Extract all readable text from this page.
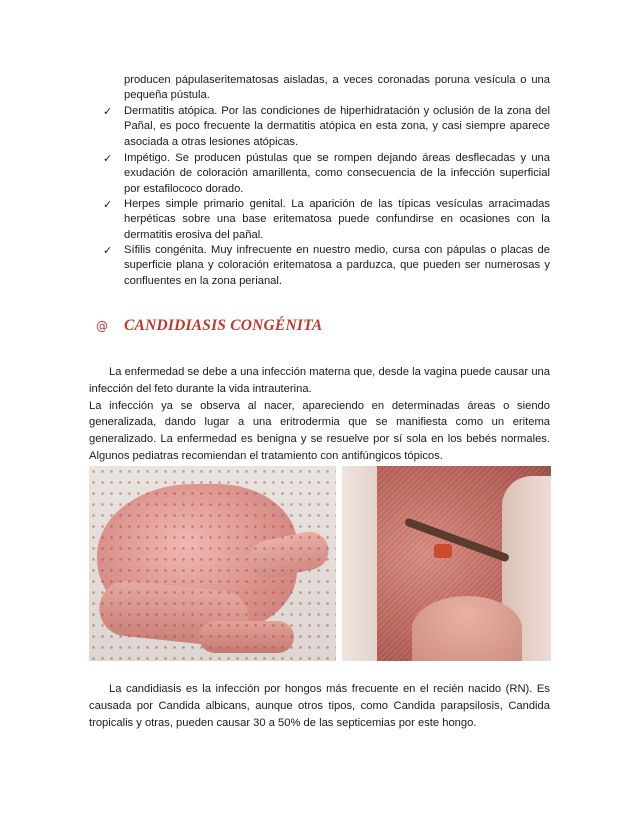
producen pápulaseritematosas aisladas, a veces coronadas poruna vesícula o una pequeña pústula.

✓ Dermatitis atópica. Por las condiciones de hiperhidratación y oclusión de la zona del Pañal, es poco frecuente la dermatitis atópica en esta zona, y casi siempre aparece asociada a otras lesiones atópicas.
✓ Impétigo. Se producen pústulas que se rompen dejando áreas desflecadas y una exudación de coloración amarillenta, como consecuencia de la infección superficial por estafilococo dorado.
✓ Herpes simple primario genital. La aparición de las típicas vesículas arracimadas herpéticas sobre una base eritematosa puede confundirse en ocasiones con la dermatitis erosiva del pañal.
✓ Sífilis congénita. Muy infrecuente en nuestro medio, cursa con pápulas o placas de superficie plana y coloración eritematosa a parduzca, que pueden ser numerosas y confluentes en la zona perianal.
@	CANDIDIASIS CONGÉNITA
La enfermedad se debe a una infección materna que, desde la vagina puede causar una infección del feto durante la vida intrauterina.
La infección ya se observa al nacer, apareciendo en determinadas áreas o siendo generalizada, dando lugar a una eritrodermia que se manifiesta como un eritema generalizado. La enfermedad es benigna y se resuelve por sí sola en los bebés normales. Algunos pediatras recomiendan el tratamiento con antifúngicos tópicos.
La candidiasis es la infección por hongos más frecuente en el recién nacido (RN). Es causada por Candida albicans, aunque otros tipos, como Candida parapsilosis, Candida tropicalis y otras, pueden causar 30 a 50% de las septicemias por este hongo.
